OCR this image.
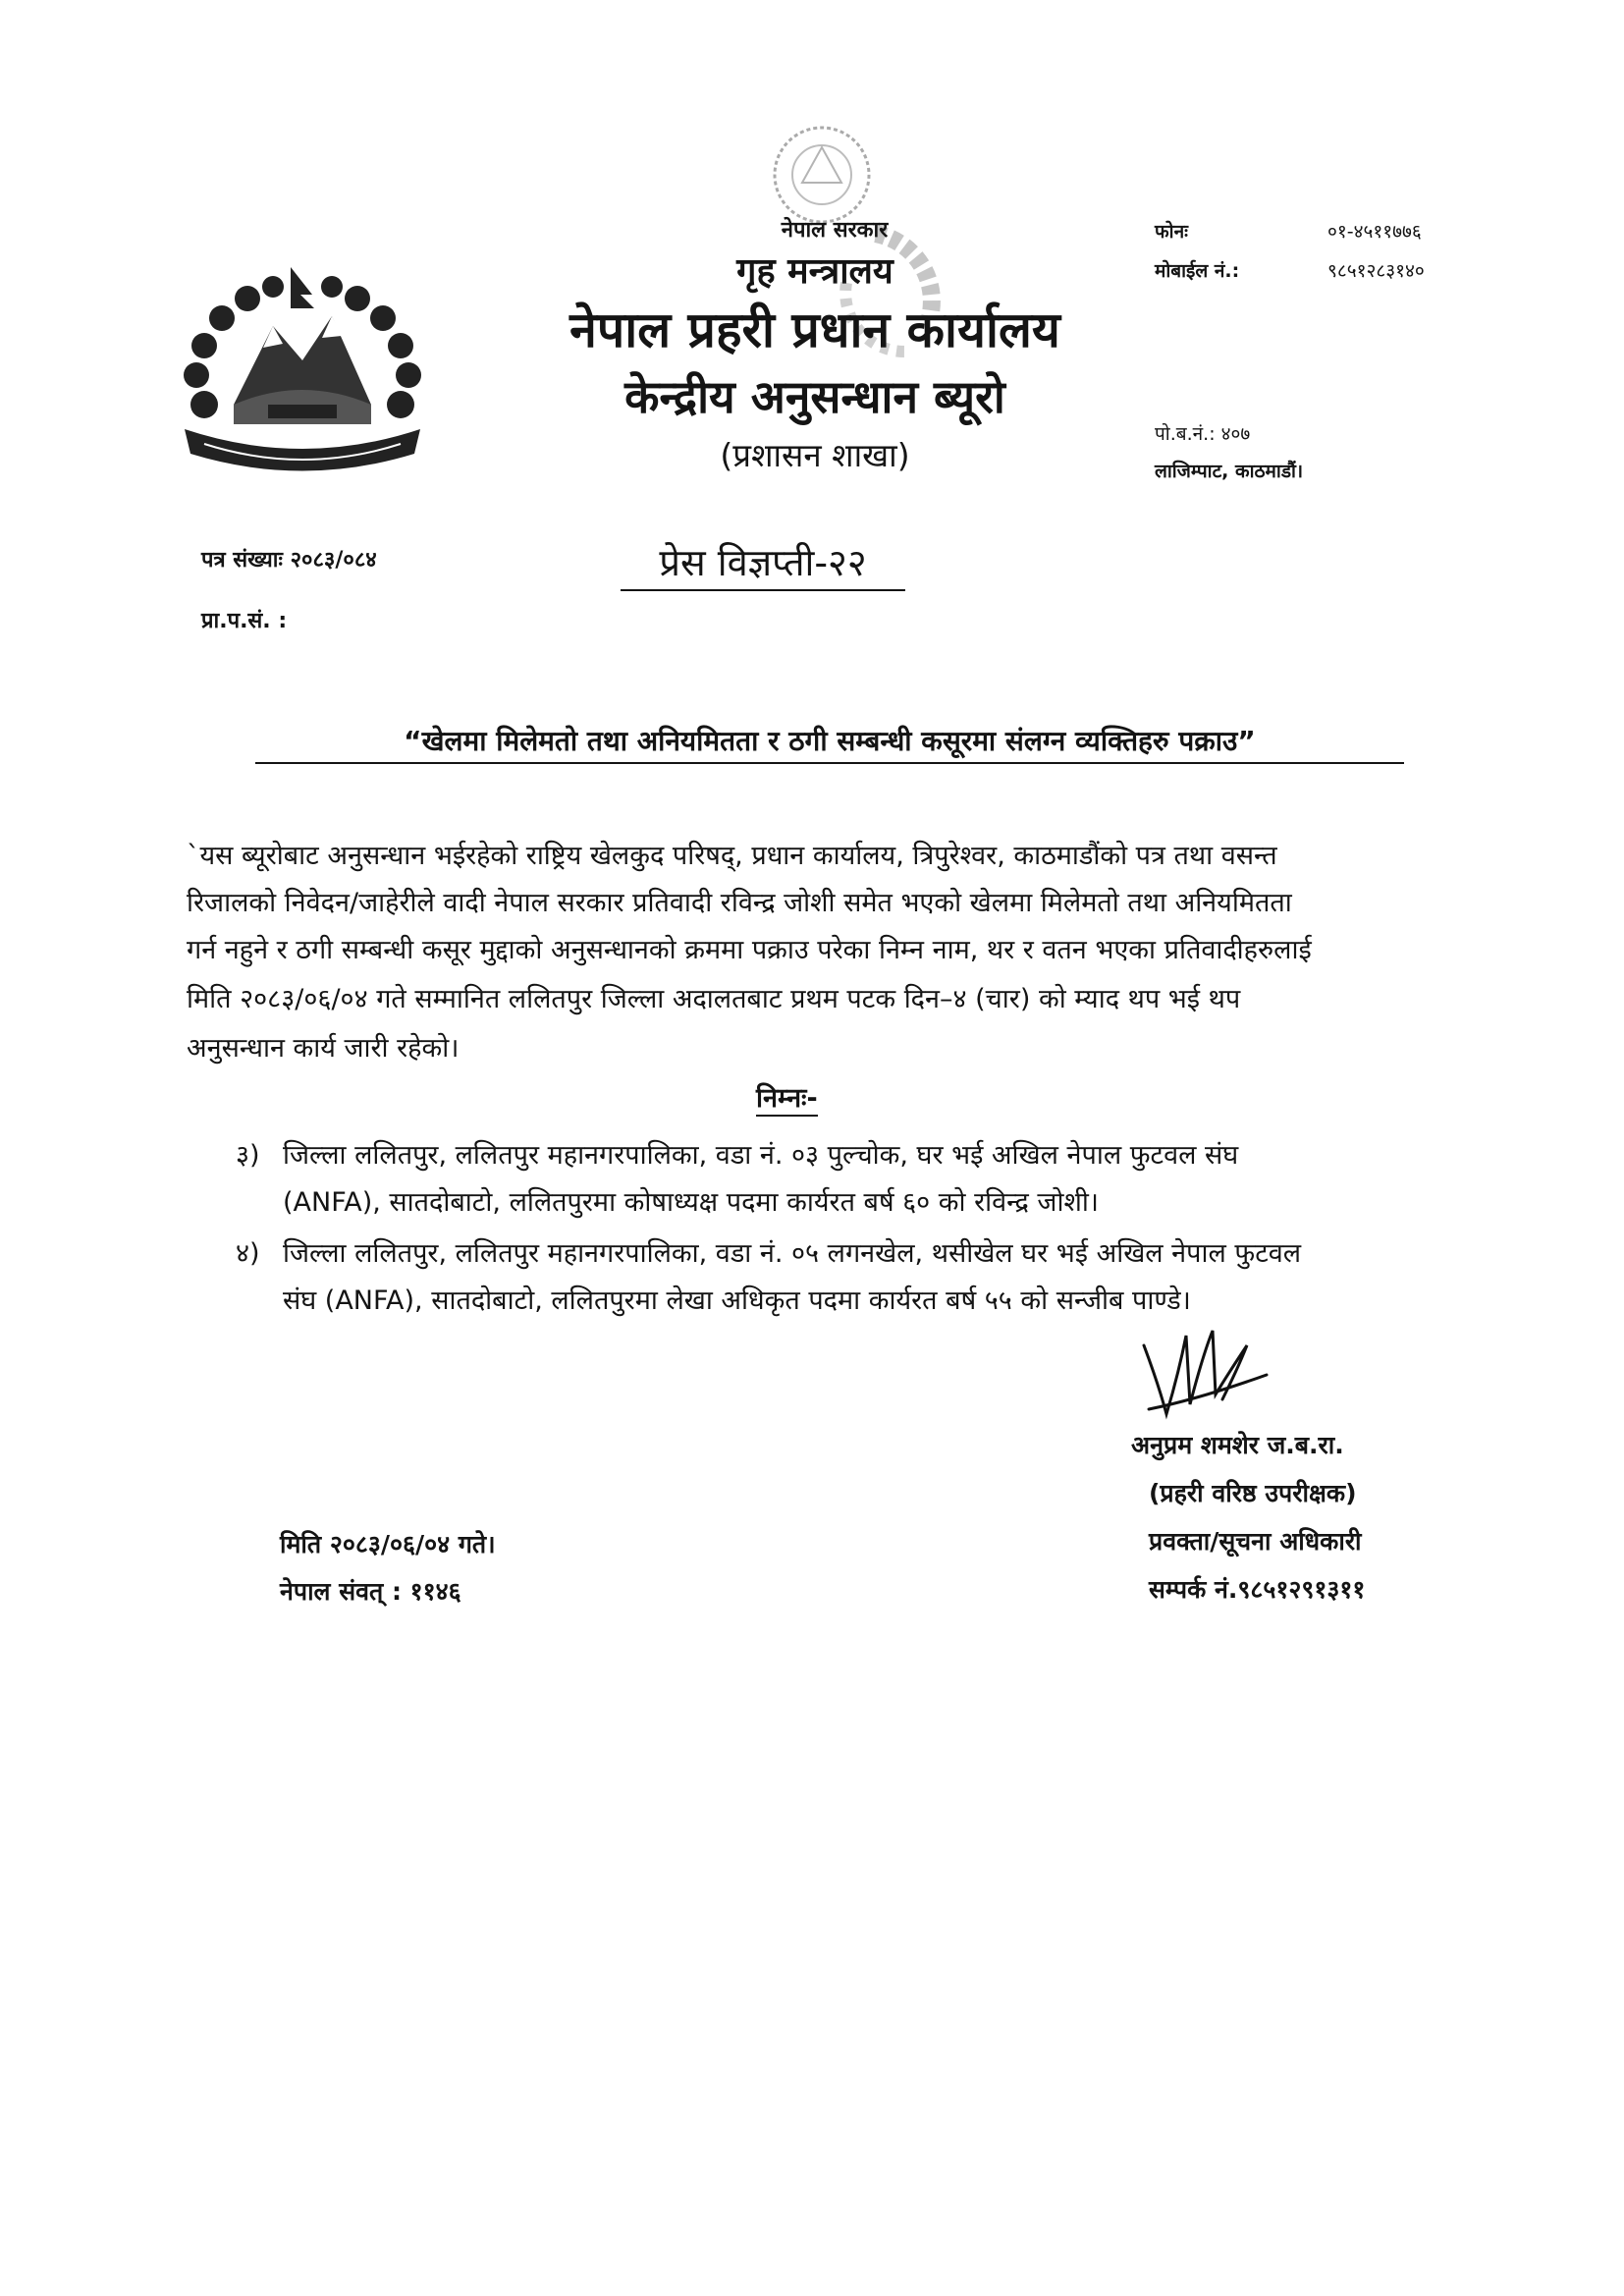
नेपाल सरकार
गृह मन्त्रालय
नेपाल प्रहरी प्रधान कार्यालय
केन्द्रीय अनुसन्धान ब्यूरो
(प्रशासन शाखा)
फोनः	०१-४५११७७६
मोबाईल नं.:	९८५१२८३१४०
पो.ब.नं.: ४०७
लाजिम्पाट, काठमाडौं।
पत्र संख्याः २०८३/०८४
प्रा.प.सं. :
प्रेस विज्ञप्ती-२२
“खेलमा मिलेमतो तथा अनियमितता र ठगी सम्बन्धी कसूरमा संलग्न व्यक्तिहरु पक्राउ”
`यस ब्यूरोबाट अनुसन्धान भईरहेको राष्ट्रिय खेलकुद परिषद्, प्रधान कार्यालय, त्रिपुरेश्वर, काठमाडौंको पत्र तथा वसन्त
रिजालको निवेदन/जाहेरीले वादी नेपाल सरकार प्रतिवादी रविन्द्र जोशी समेत भएको खेलमा मिलेमतो तथा अनियमितता
गर्न नहुने र ठगी सम्बन्धी कसूर मुद्दाको अनुसन्धानको क्रममा पक्राउ परेका निम्न नाम, थर र वतन भएका प्रतिवादीहरुलाई
मिति २०८३/०६/०४ गते सम्मानित ललितपुर जिल्ला अदालतबाट प्रथम पटक दिन–४ (चार) को म्याद थप भई थप
अनुसन्धान कार्य जारी रहेको।
निम्नः-
३) जिल्ला ललितपुर, ललितपुर महानगरपालिका, वडा नं. ०३ पुल्चोक, घर भई अखिल नेपाल फुटवल संघ
(ANFA), सातदोबाटो, ललितपुरमा कोषाध्यक्ष पदमा कार्यरत बर्ष ६० को रविन्द्र जोशी।
४) जिल्ला ललितपुर, ललितपुर महानगरपालिका, वडा नं. ०५ लगनखेल, थसीखेल घर भई अखिल नेपाल फुटवल
संघ (ANFA), सातदोबाटो, ललितपुरमा लेखा अधिकृत पदमा कार्यरत बर्ष ५५ को सन्जीब पाण्डे।
अनुप्रम शमशेर ज.ब.रा.
(प्रहरी वरिष्ठ उपरीक्षक)
प्रवक्ता/सूचना अधिकारी
सम्पर्क नं.९८५१२९१३११
मिति २०८३/०६/०४ गते।
नेपाल संवत् : ११४६
